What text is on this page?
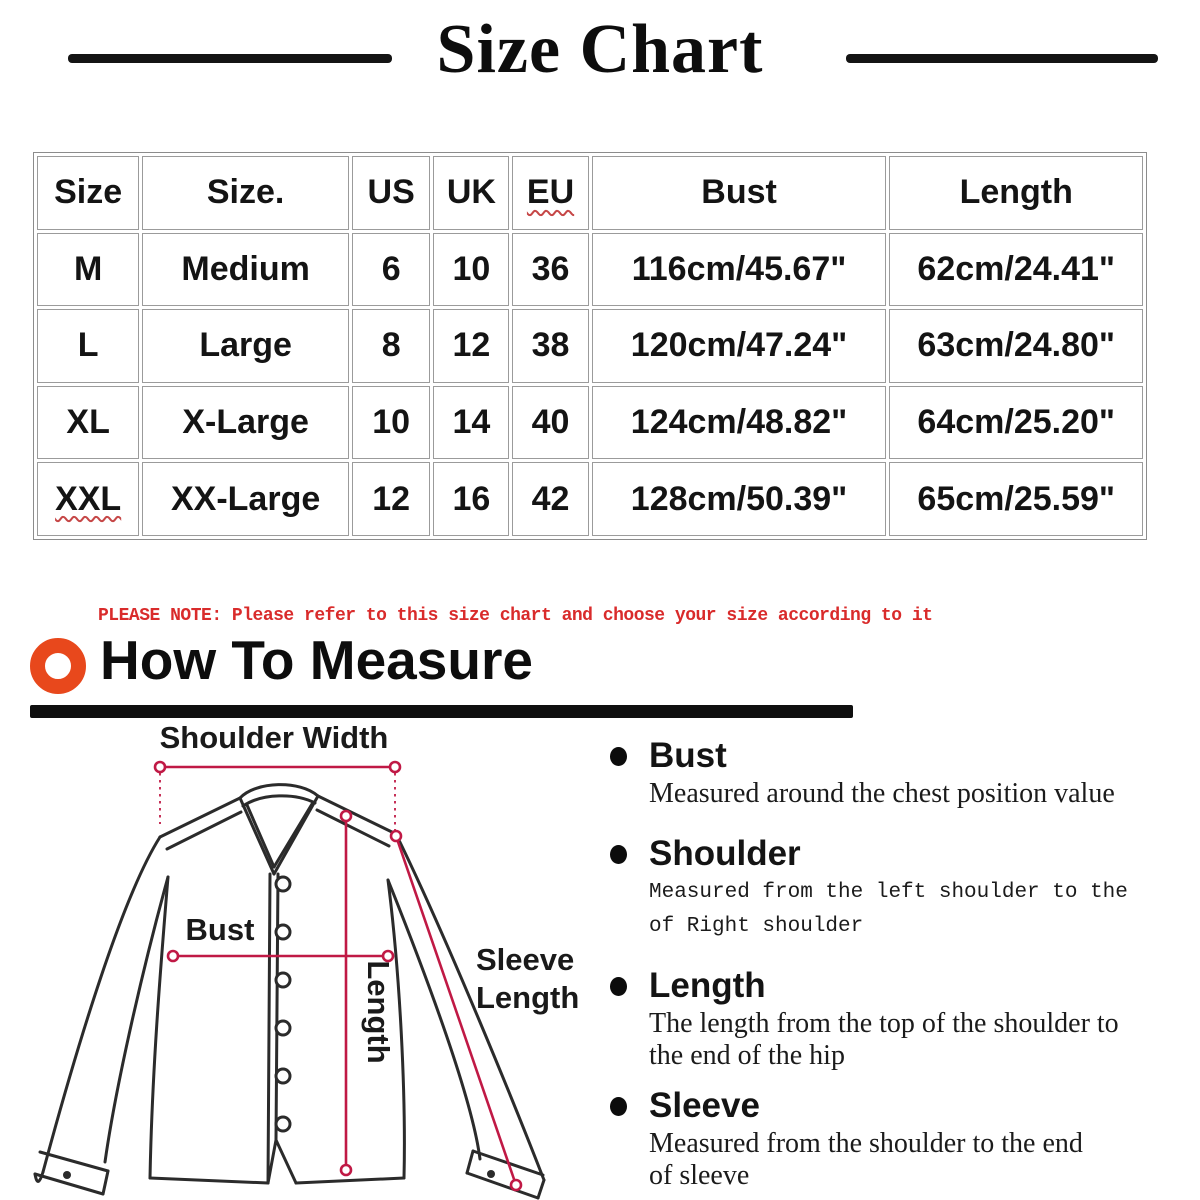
Size Chart
Size	Size.	US	UK	EU	Bust	Length
M	Medium	6	10	36	116cm/45.67"	62cm/24.41"
L	Large	8	12	38	120cm/47.24"	63cm/24.80"
XL	X-Large	10	14	40	124cm/48.82"	64cm/25.20"
XXL	XX-Large	12	16	42	128cm/50.39"	65cm/25.59"
PLEASE NOTE: Please refer to this size chart and choose your size according to it
How To Measure
Shoulder Width
Bust
Length
Sleeve
Length
Bust
Measured around the chest position value
Shoulder
Measured from the left shoulder to the
of Right shoulder
Length
The length from the top of the shoulder to
the end of the hip
Sleeve
Measured from the shoulder to the end
of sleeve
